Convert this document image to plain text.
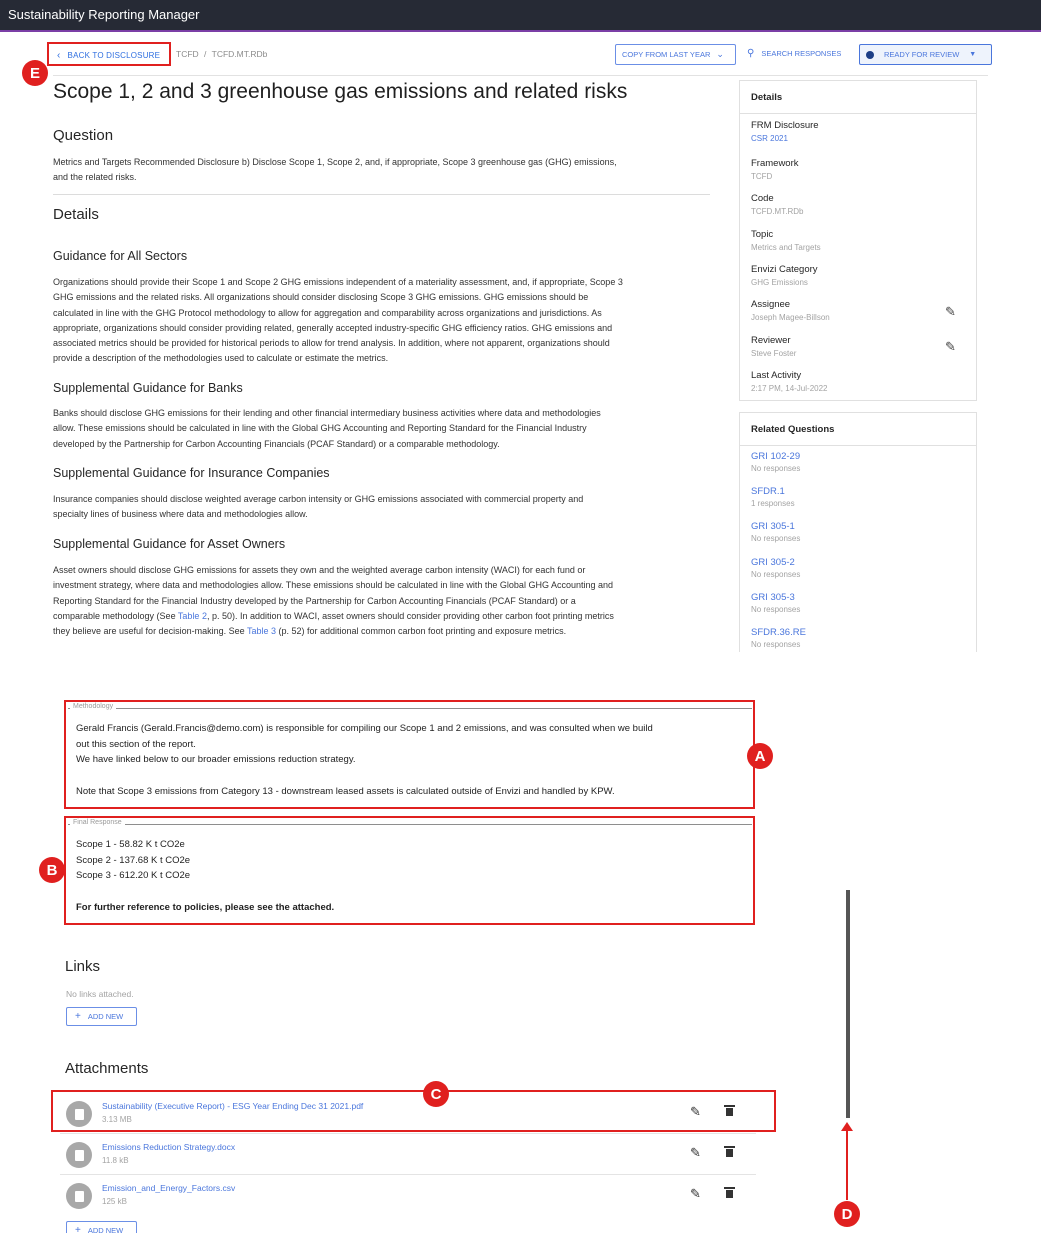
Sustainability Reporting Manager
‹ BACK TO DISCLOSURE TCFD / TCFD.MT.RDb	COPY FROM LAST YEAR ⌄ ⚲ SEARCH RESPONSES	READY FOR REVIEW ▼
Scope 1, 2 and 3 greenhouse gas emissions and related risks
Question
Metrics and Targets Recommended Disclosure b) Disclose Scope 1, Scope 2, and, if appropriate, Scope 3 greenhouse gas (GHG) emissions,
and the related risks.
Details
Guidance for All Sectors
Organizations should provide their Scope 1 and Scope 2 GHG emissions independent of a materiality assessment, and, if appropriate, Scope 3
GHG emissions and the related risks. All organizations should consider disclosing Scope 3 GHG emissions. GHG emissions should be
calculated in line with the GHG Protocol methodology to allow for aggregation and comparability across organizations and jurisdictions. As
appropriate, organizations should consider providing related, generally accepted industry-specific GHG efficiency ratios. GHG emissions and
associated metrics should be provided for historical periods to allow for trend analysis. In addition, where not apparent, organizations should
provide a description of the methodologies used to calculate or estimate the metrics.
Supplemental Guidance for Banks
Banks should disclose GHG emissions for their lending and other financial intermediary business activities where data and methodologies
allow. These emissions should be calculated in line with the Global GHG Accounting and Reporting Standard for the Financial Industry
developed by the Partnership for Carbon Accounting Financials (PCAF Standard) or a comparable methodology.
Supplemental Guidance for Insurance Companies
Insurance companies should disclose weighted average carbon intensity or GHG emissions associated with commercial property and
specialty lines of business where data and methodologies allow.
Supplemental Guidance for Asset Owners
Asset owners should disclose GHG emissions for assets they own and the weighted average carbon intensity (WACI) for each fund or
investment strategy, where data and methodologies allow. These emissions should be calculated in line with the Global GHG Accounting and
Reporting Standard for the Financial Industry developed by the Partnership for Carbon Accounting Financials (PCAF Standard) or a
comparable methodology (See Table 2, p. 50). In addition to WACI, asset owners should consider providing other carbon foot printing metrics
they believe are useful for decision-making. See Table 3 (p. 52) for additional common carbon foot printing and exposure metrics.
Details
FRM Disclosure
CSR 2021
Framework
TCFD
Code
TCFD.MT.RDb
Topic
Metrics and Targets
Envizi Category
GHG Emissions
Assignee
Joseph Magee-Billson	✎
Reviewer
Steve Foster	✎
Last Activity
2:17 PM, 14-Jul-2022
Related Questions
GRI 102-29
No responses
SFDR.1
1 responses
GRI 305-1
No responses
GRI 305-2
No responses
GRI 305-3
No responses
SFDR.36.RE
No responses
Methodology
Gerald Francis (Gerald.Francis@demo.com) is responsible for compiling our Scope 1 and 2 emissions, and was consulted when we build
out this section of the report.
We have linked below to our broader emissions reduction strategy.
Note that Scope 3 emissions from Category 13 - downstream leased assets is calculated outside of Envizi and handled by KPW.
Final Response
Scope 1 - 58.82 K t CO2e
Scope 2 - 137.68 K t CO2e
Scope 3 - 612.20 K t CO2e
For further reference to policies, please see the attached.
Links
No links attached.
+ ADD NEW
Attachments
Sustainability (Executive Report) - ESG Year Ending Dec 31 2021.pdf
3.13 MB
✎
Emissions Reduction Strategy.docx
11.8 kB
✎
Emission_and_Energy_Factors.csv
125 kB
✎
+ ADD NEW
E
A
B
C
D
